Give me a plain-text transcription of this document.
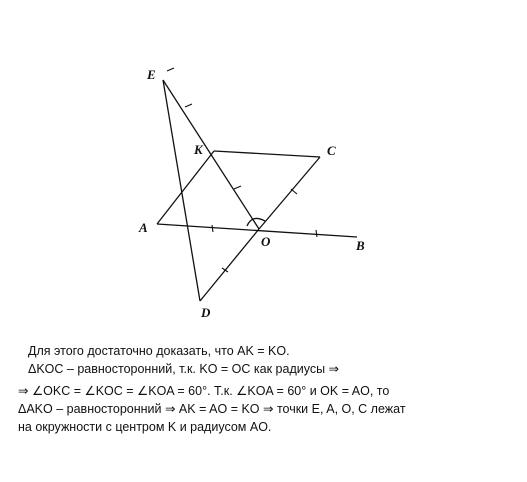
E
K	C
A
O	B
D

Для этого достаточно доказать, что AK = KO.

ΔKOC – равносторонний, т.к. KO = OC как радиусы ⇒

⇒ ∠OKC = ∠KOC = ∠KOA = 60°. Т.к. ∠KOA = 60° и OK = AO, то

ΔAKO – равносторонний ⇒ AK = AO = KO ⇒ точки E, A, O, C лежат

на окружности с центром K и радиусом AO.
